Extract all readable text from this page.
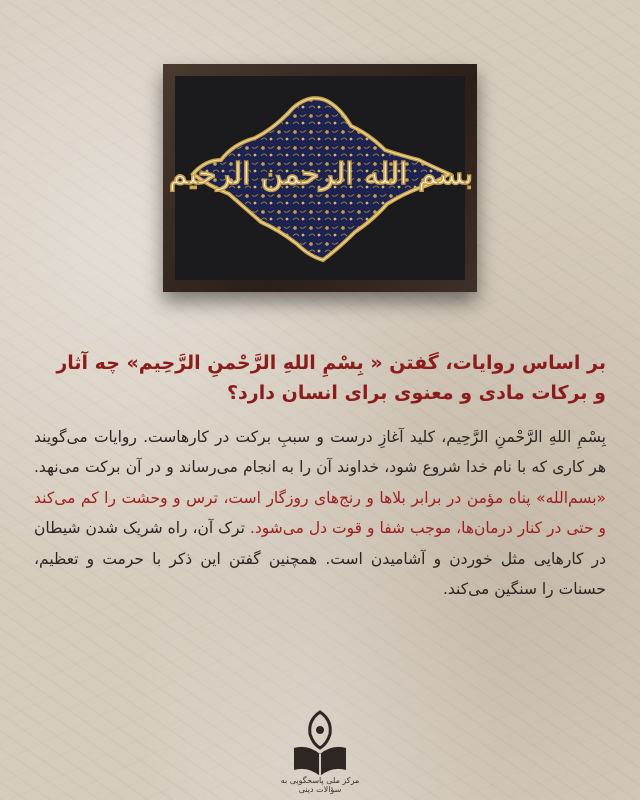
بسم الله الرحمن الرحیم
بر اساس روایات، گفتن « بِسْمِ اللهِ الرَّحْمنِ الرَّحِیم» چه آثار و برکات مادی و معنوی برای انسان دارد؟
بِسْمِ اللهِ الرَّحْمنِ الرَّحِیم، کلید آغازِ درست و سببِ برکت در کارهاست. روایات می‌گویند هر کاری که با نام خدا شروع شود، خداوند آن را به انجام می‌رساند و در آن برکت می‌نهد. «بسم‌الله» پناه مؤمن در برابر بلاها و رنج‌های روزگار است، ترس و وحشت را کم می‌کند و حتی در کنار درمان‌ها، موجب شفا و قوت دل می‌شود. ترک آن، راه شریک شدن شیطان در کارهایی مثل خوردن و آشامیدن است. همچنین گفتن این ذکر با حرمت و تعظیم، حسنات را سنگین می‌کند.
مرکز ملی پاسخگویی به سؤالات دینی
